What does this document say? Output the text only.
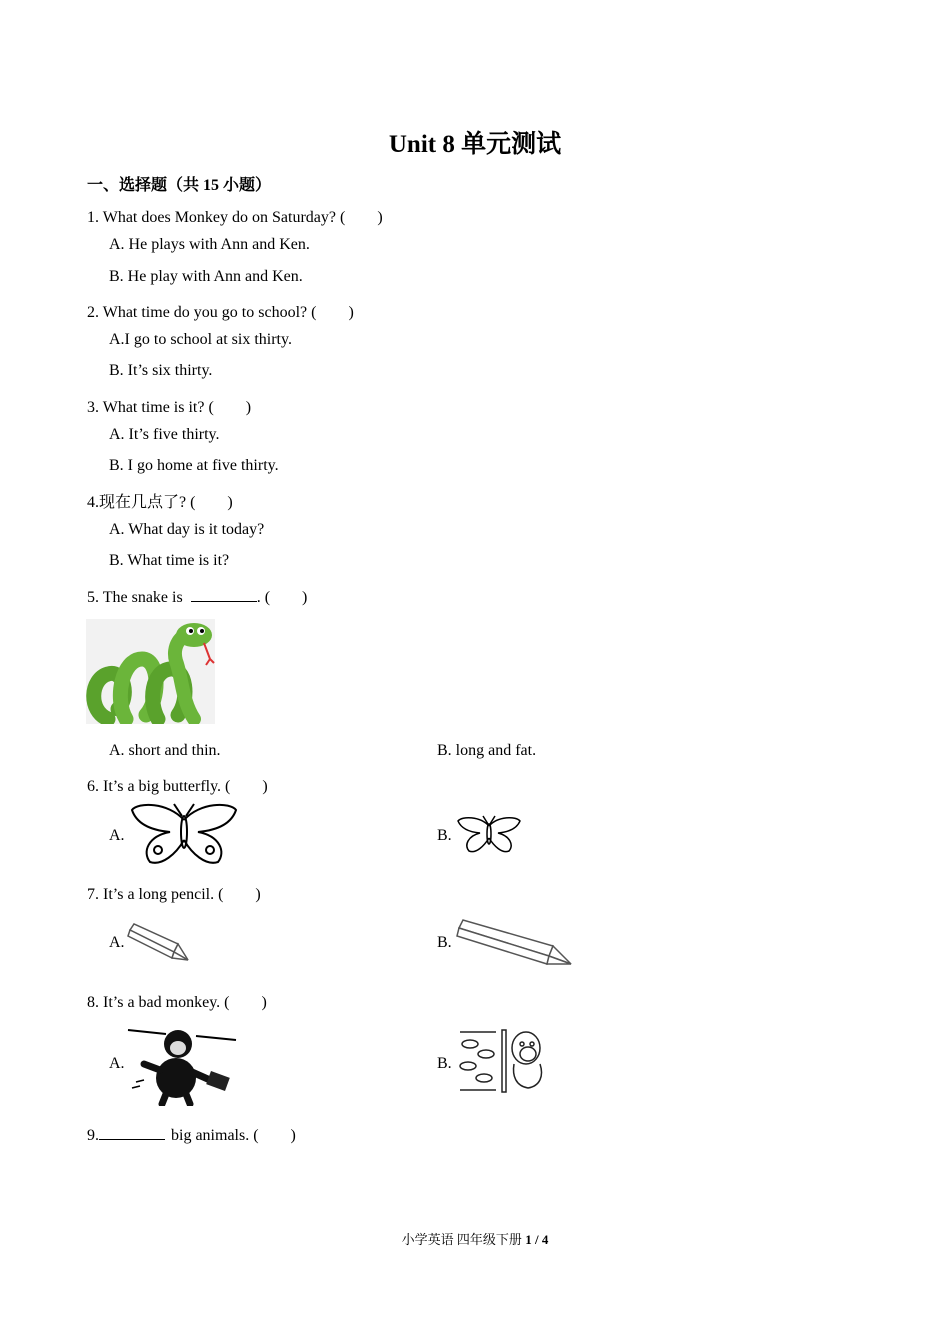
Unit 8 单元测试
一、选择题（共 15 小题）
1. What does Monkey do on Saturday? (　　)
A. He plays with Ann and Ken.
B. He play with Ann and Ken.
2. What time do you go to school? (　　)
A.I go to school at six thirty.
B. It’s six thirty.
3. What time is it? (　　)
A. It’s five thirty.
B. I go home at five thirty.
4.现在几点了? (　　)
A. What day is it today?
B. What time is it?
5. The snake is	. (　　)
A. short and thin.	B. long and fat.
6. It’s a big butterfly. (　　)
A.	B.
7. It’s a long pencil. (　　)
A.	B.
8. It’s a bad monkey. (　　)
A.	B.
9.	big animals. (　　)
小学英语 四年级下册 1 / 4
